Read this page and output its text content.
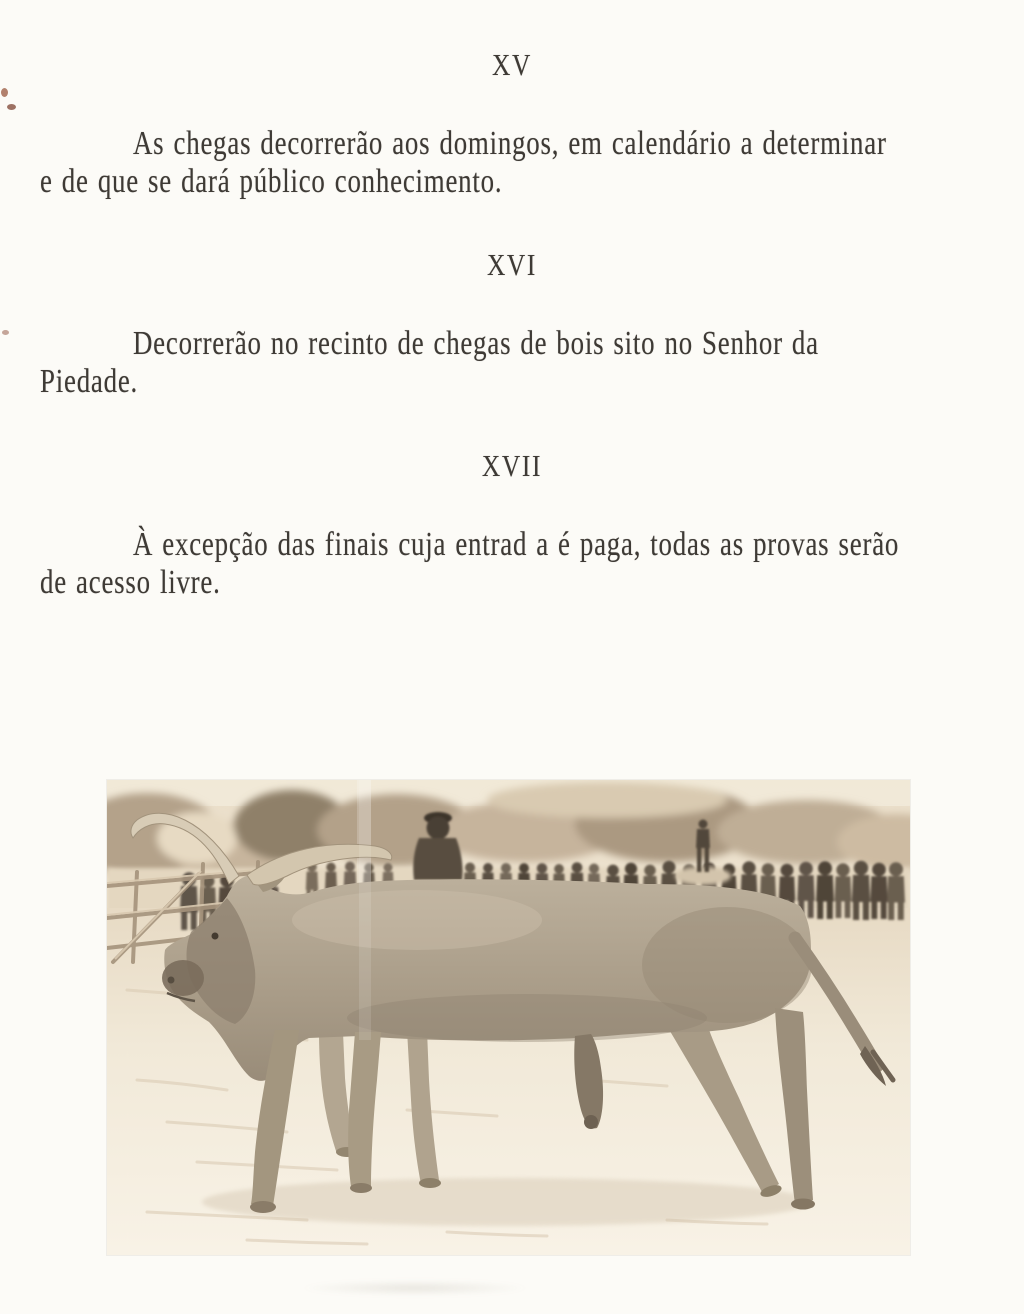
XV

As chegas decorrerão aos domingos, em calendário a determinar

e de que se dará público conhecimento.

XVI

Decorrerão no recinto de chegas de bois sito no Senhor da

Piedade.

XVII

À excepção das finais cuja entrad a é paga, todas as provas serão

de acesso livre.
